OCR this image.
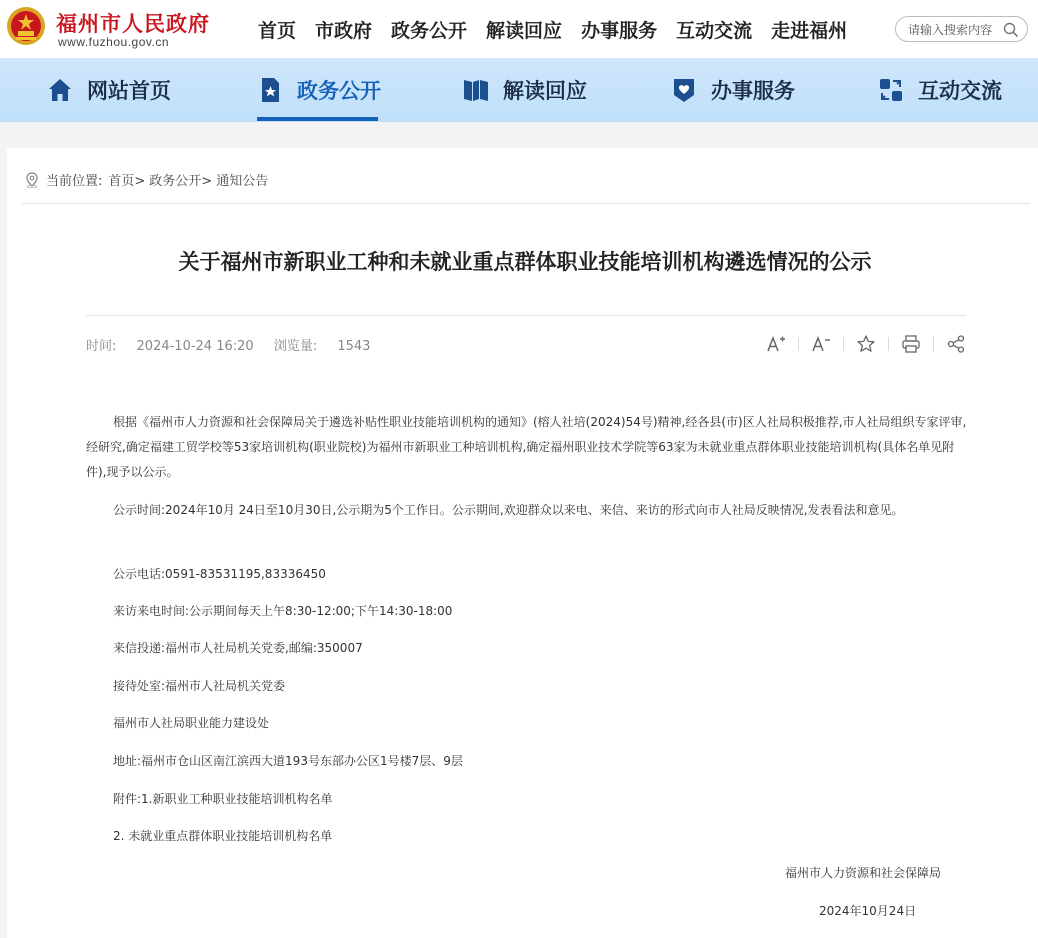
福州市人民政府
www.fuzhou.gov.cn	首页 市政府 政务公开 解读回应 办事服务 互动交流 走进福州
请输入搜索内容
网站首页	政务公开	解读回应	办事服务	互动交流
当前位置: 首页> 政务公开> 通知公告
关于福州市新职业工种和未就业重点群体职业技能培训机构遴选情况的公示
时间: 2024-10-24 16:20 浏览量: 1543

根据《福州市人力资源和社会保障局关于遴选补贴性职业技能培训机构的通知》(榕人社培(2024)54号)精神,经各县(市)区人社局积极推荐,市人社局组织专家评审,经研究,确定福建工贸学校等53家培训机构(职业院校)为福州市新职业工种培训机构,确定福州职业技术学院等63家为未就业重点群体职业技能培训机构(具体名单见附件),现予以公示。

公示时间:2024年10月 24日至10月30日,公示期为5个工作日。公示期间,欢迎群众以来电、来信、来访的形式向市人社局反映情况,发表看法和意见。

公示电话:0591-83531195,83336450

来访来电时间:公示期间每天上午8:30-12:00;下午14:30-18:00

来信投递:福州市人社局机关党委,邮编:350007

接待处室:福州市人社局机关党委

福州市人社局职业能力建设处

地址:福州市仓山区南江滨西大道193号东部办公区1号楼7层、9层

附件:1.新职业工种职业技能培训机构名单

2. 未就业重点群体职业技能培训机构名单

福州市人力资源和社会保障局
2024年10月24日
